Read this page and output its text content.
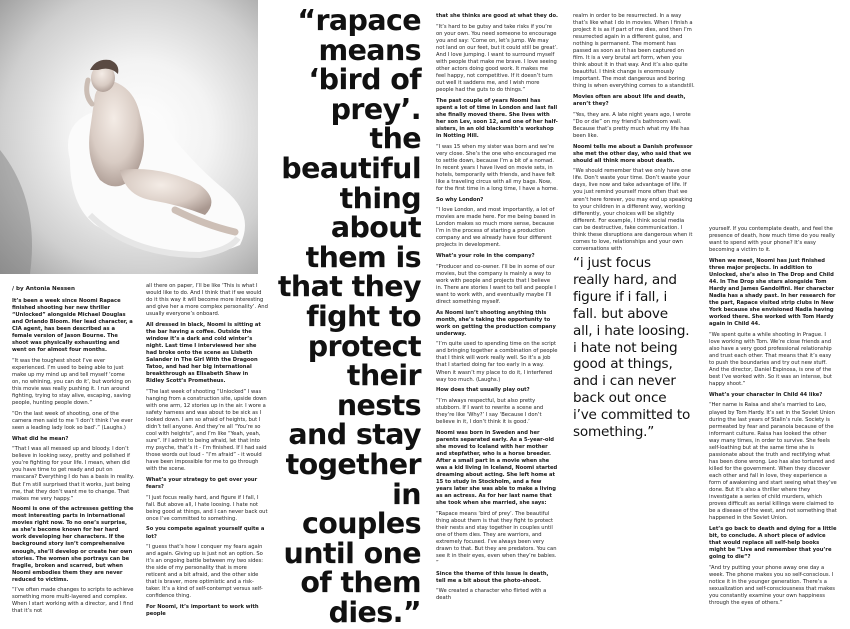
/ by Antonia Nessen

It’s been a week since Noomi Rapace finished shooting her new thriller “Unlocked” alongside Michael Douglas and Orlando Bloom. Her lead character, a CIA agent, has been described as a female version of Jason Bourne. The shoot was physically exhausting and went on for almost four months.

“It was the toughest shoot I’ve ever experienced. I’m used to being able to just make up my mind up and tell myself ‘come on, no whining, you can do it’, but working on this movie was really pushing it. I run around fighting, trying to stay alive, escaping, saving people, hunting people down.”

“On the last week of shooting, one of the camera men said to me ‘I don’t think I’ve ever seen a leading lady look so bad’.” (Laughs.)

What did he mean?

“That I was all messed up and bloody. I don’t believe in looking sexy, pretty and polished if you’re fighting for your life. I mean, when did you have time to get ready and put on mascara? Everything I do has a basis in reality. But I’m still surprised that it works, just being me, that they don’t want me to change. That makes me very happy.”

Noomi is one of the actresses getting the most interesting parts in international movies right now. To no one’s surprise, as she’s become known for her hard work developing her characters. If the background story isn’t comprehensive enough, she’ll develop or create her own stories. The women she portrays can be fragile, broken and scarred, but when Noomi embodies them they are never reduced to victims.

“I’ve often made changes to scripts to achieve something more multi-layered and complex. When I start working with a director, and I find that it’s not

all there on paper, I’ll be like ‘This is what I would like to do. And I think that if we would do it this way it will become more interesting and give her a more complex personality’. And usually everyone’s onboard.

All dressed in black, Noomi is sitting at the bar having a coffee. Outside the window it’s a dark and cold winter’s night. Last time I interviewed her she had broke onto the scene as Lisbeth Salander in The Girl With the Dragoon Tatoo, and had her big international breakthrough as Elisabeth Shaw in Ridley Scott’s Prometheus.

“The last week of shooting “Unlocked” I was hanging from a construction site, upside down with one arm, 12 stories up in the air. I wore a safety harness and was about to be sick as I looked down. I am so afraid of heights, but I didn’t tell anyone. And they’re all “You’re so cool with heights”, and I’m like “Yeah, yeah, sure”. If I admit to being afraid, let that into my psyche, that’s it - I’m finished. If I had said those words out loud - “I’m afraid” - it would have been impossible for me to go through with the scene.

What’s your strategy to get over your fears?

“I just focus really hard, and figure if I fall, I fall. But above all, I hate loosing. I hate not being good at things, and I can never back out once I’ve committed to something.

So you compete against yourself quite a lot?

“I guess that’s how I conquer my fears again and again. Giving up is just not an option. So it’s an ongoing battle between my two sides: the side of my personality that is more reticent and a bit afraid, and the other side that is braver, more optimistic and a risk-taker. It’s a kind of self-contempt versus self-confidence thing.

For Noomi, it’s important to work with people

“rapace means ‘bird of prey’. the beautiful thing about them is that they fight to protect their nests and stay together in couples until one of them dies.”

that she thinks are good at what they do.

“It’s hard to be gutsy and take risks if you’re on your own. You need someone to encourage you and say: ‘Come on, let’s jump. We may not land on our feet, but it could still be great’. And I love jumping. I want to surround myself with people that make me brave. I love seeing other actors doing good work. It makes me feel happy, not competitive. If it doesn’t turn out well it saddens me, and I wish more people had the guts to do things.”

The past couple of years Noomi has spent a lot of time in London and last fall she finally moved there. She lives with her son Lev, soon 12, and one of her half-sisters, in an old blacksmith’s workshop in Notting Hill.

“I was 15 when my sister was born and we’re very close. She’s the one who encouraged me to settle down, because I’m a bit of a nomad. In recent years I have lived on movie sets, in hotels, temporarily with friends, and have felt like a traveling circus with all my bags. Now, for the first time in a long time, I have a home.

So why London?

“I love London, and most importantly, a lot of movies are made here. For me being based in London makes so much more sense, because I’m in the process of starting a production company and we already have four different projects in development.

What’s your role in the company?

“Producer and co-owner. I’ll be in some of our movies, but the company is mainly a way to work with people and projects that I believe in. There are stories I want to tell and people I want to work with, and eventually maybe I’ll direct something myself.

As Noomi isn’t shooting anything this month, she’s taking the opportunity to work on getting the production company underway.

“I’m quite used to spending time on the script and bringing together a combination of people that I think will work really well. So it’s a job that I started doing far too early in a way. When it wasn’t my place to do it, I interfered way too much. (Laughs.)

How does that usually play out?

“I’m always respectful, but also pretty stubborn. If I want to rewrite a scene and they’re like ‘Why?’ I say ‘Because I don’t believe in it, I don’t think it is good.’

Noomi was born in Sweden and her parents separated early. As a 5-year-old she moved to Iceland with her mother and stepfather, who is a horse breeder. After a small part in a movie when she was a kid living in Iceland, Noomi started dreaming about acting. She left home at 15 to study in Stockholm, and a few years later she was able to make a living as an actress. As for her last name that she took when she married, she says:

“Rapace means ‘bird of prey’. The beautiful thing about them is that they fight to protect their nests and stay together in couples until one of them dies. They are warriors, and extremely focused. I’ve always been very drawn to that. But they are predators. You can see it in their eyes, even when they’re babies. ”

Since the theme of this issue is death, tell me a bit about the photo-shoot.

“We created a character who flirted with a death

realm in order to be resurrected. In a way that’s like what I do in movies. When I finish a project it is as if part of me dies, and then I’m resurrected again in a different guise, and nothing is permanent. The moment has passed as soon as it has been captured on film. It is a very brutal art form, when you think about it in that way. And it’s also quite beautiful. I think change is enormously important. The most dangerous and boring thing is when everything comes to a standstill.

Movies often are about life and death, aren’t they?

“Yes, they are. A late night years ago, I wrote “Do or die” on my friend’s bathroom wall. Because that’s pretty much what my life has been like.

Noomi tells me about a Danish professor she met the other day, who said that we should all think more about death.

“We should remember that we only have one life. Don’t waste your time. Don’t waste your days, live now and take advantage of life. If you just remind yourself more often that we aren’t here forever, you may end up speaking to your children in a different way, working differently, your choices will be slightly different. For example, I think social media can be destructive, fake communication. I think these disruptions are dangerous when it comes to love, relationships and your own conversations with

“i just focus really hard, and figure if i fall, i fall. but above all, i hate loosing. i hate not being good at things, and i can never back out once i’ve committed to something.”

yourself. If you contemplate death, and feel the presence of death, how much time do you really want to spend with your phone? It’s easy becoming a victim to it.

When we meet, Noomi has just finished three major projects. In addition to Unlocked, she’s also in The Drop and Child 44. In The Drop she stars alongside Tom Hardy and James Gandolfini. Her character Nadia has a shady past. In her research for the part, Rapace visited strip clubs in New York because she envisioned Nadia having worked there. She worked with Tom Hardy again in Child 44.

“We spent quite a while shooting in Prague. I love working with Tom. We’re close friends and also have a very good professional relationship and trust each other. That means that it’s easy to push the boundaries and try out new stuff. And the director, Daniel Espinosa, is one of the best I’ve worked with. So it was an intense, but happy shoot.”

What’s your character in Child 44 like?

“Her name is Raisa and she’s married to Leo, played by Tom Hardy. It’s set in the Soviet Union during the last years of Stalin’s rule. Society is permeated by fear and paranoia because of the informant culture. Raisa has looked the other way many times, in order to survive. She feels self-loathing but at the same time she is passionate about the truth and rectifying what has been done wrong. Leo has also tortured and killed for the government. When they discover each other and fall in love, they experience a form of awakening and start seeing what they’ve done. But it’s also a thriller where they investigate a series of child murders, which proves difficult as serial killings were claimed to be a disease of the west, and not something that happened in the Soviet Union.

Let’s go back to death and dying for a little bit, to conclude. A short piece of advice that would replace all self-help books might be “Live and remember that you’re going to die”?

“And try putting your phone away one day a week. The phone makes you so self-conscious. I notice it in the younger generation. There’s a sexualization and self-consciousness that makes you constantly examine your own happiness through the eyes of others.”
